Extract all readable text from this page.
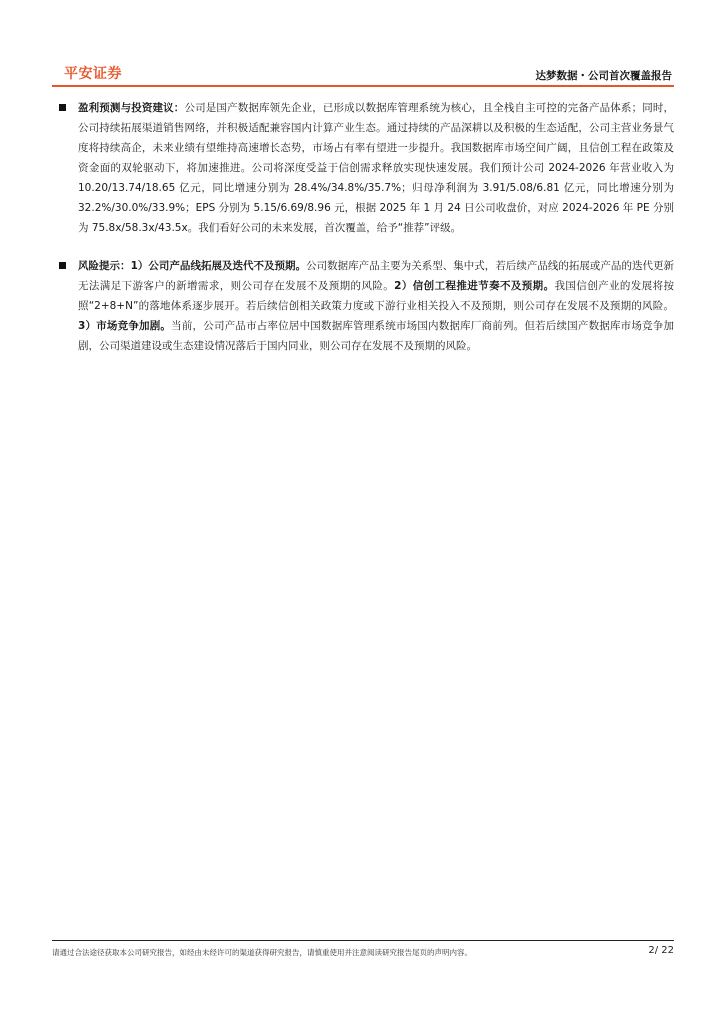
平安证券	达梦数据・公司首次覆盖报告
盈利预测与投资建议：公司是国产数据库领先企业，已形成以数据库管理系统为核心，且全栈自主可控的完备产品体系；同时，公司持续拓展渠道销售网络，并积极适配兼容国内计算产业生态。通过持续的产品深耕以及积极的生态适配，公司主营业务景气度将持续高企，未来业绩有望维持高速增长态势，市场占有率有望进一步提升。我国数据库市场空间广阔，且信创工程在政策及资金面的双轮驱动下，将加速推进。公司将深度受益于信创需求释放实现快速发展。我们预计公司 2024-2026 年营业收入为 10.20/13.74/18.65 亿元，同比增速分别为 28.4%/34.8%/35.7%；归母净利润为 3.91/5.08/6.81 亿元，同比增速分别为 32.2%/30.0%/33.9%；EPS 分别为 5.15/6.69/8.96 元，根据 2025 年 1 月 24 日公司收盘价，对应 2024-2026 年 PE 分别为 75.8x/58.3x/43.5x。我们看好公司的未来发展，首次覆盖，给予“推荐”评级。
风险提示：1）公司产品线拓展及迭代不及预期。公司数据库产品主要为关系型、集中式，若后续产品线的拓展或产品的迭代更新无法满足下游客户的新增需求，则公司存在发展不及预期的风险。2）信创工程推进节奏不及预期。我国信创产业的发展将按照“2+8+N”的落地体系逐步展开。若后续信创相关政策力度或下游行业相关投入不及预期，则公司存在发展不及预期的风险。3）市场竞争加剧。当前，公司产品市占率位居中国数据库管理系统市场国内数据库厂商前列。但若后续国产数据库市场竞争加剧，公司渠道建设或生态建设情况落后于国内同业，则公司存在发展不及预期的风险。
请通过合法途径获取本公司研究报告，如经由未经许可的渠道获得研究报告，请慎重使用并注意阅读研究报告尾页的声明内容。	2/ 22
